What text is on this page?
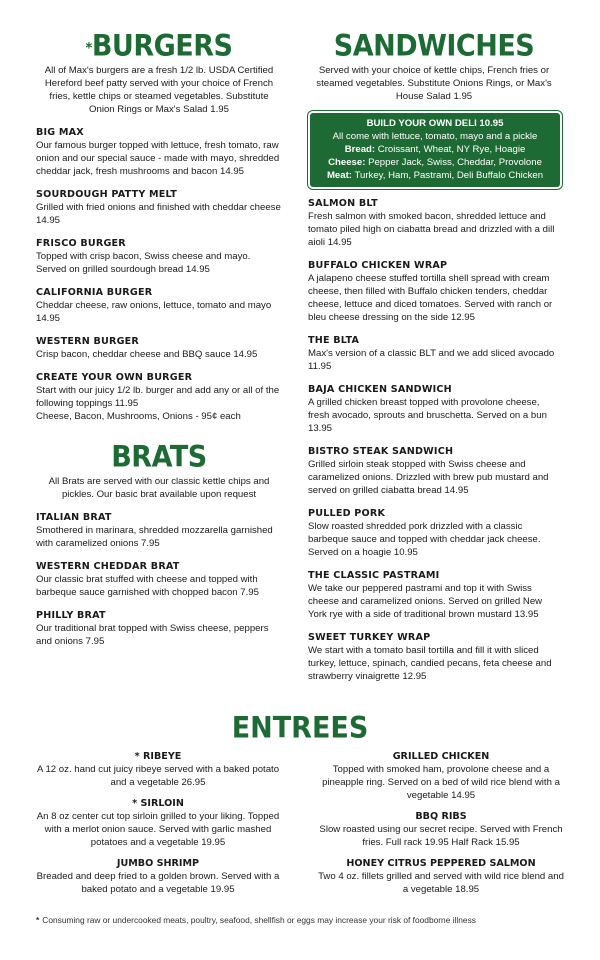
*BURGERS
All of Max's burgers are a fresh 1/2 lb. USDA Certified Hereford beef patty served with your choice of French fries, kettle chips or steamed vegetables. Substitute Onion Rings or Max's Salad 1.95
BIG MAX
Our famous burger topped with lettuce, fresh tomato, raw onion and our special sauce - made with mayo, shredded cheddar jack, fresh mushrooms and bacon 14.95
SOURDOUGH PATTY MELT
Grilled with fried onions and finished with cheddar cheese 14.95
FRISCO BURGER
Topped with crisp bacon, Swiss cheese and mayo. Served on grilled sourdough bread 14.95
CALIFORNIA BURGER
Cheddar cheese, raw onions, lettuce, tomato and mayo 14.95
WESTERN BURGER
Crisp bacon, cheddar cheese and BBQ sauce 14.95
CREATE YOUR OWN BURGER
Start with our juicy 1/2 lb. burger and add any or all of the following toppings 11.95
Cheese, Bacon, Mushrooms, Onions - 95¢ each
BRATS
All Brats are served with our classic kettle chips and pickles. Our basic brat available upon request
ITALIAN BRAT
Smothered in marinara, shredded mozzarella garnished with caramelized onions 7.95
WESTERN CHEDDAR BRAT
Our classic brat stuffed with cheese and topped with barbeque sauce garnished with chopped bacon 7.95
PHILLY BRAT
Our traditional brat topped with Swiss cheese, peppers and onions 7.95
SANDWICHES
Served with your choice of kettle chips, French fries or steamed vegetables. Substitute Onions Rings, or Max's House Salad 1.95
BUILD YOUR OWN DELI 10.95
All come with lettuce, tomato, mayo and a pickle
Bread: Croissant, Wheat, NY Rye, Hoagie
Cheese: Pepper Jack, Swiss, Cheddar, Provolone
Meat: Turkey, Ham, Pastrami, Deli Buffalo Chicken
SALMON BLT
Fresh salmon with smoked bacon, shredded lettuce and tomato piled high on ciabatta bread and drizzled with a dill aioli 14.95
BUFFALO CHICKEN WRAP
A jalapeno cheese stuffed tortilla shell spread with cream cheese, then filled with Buffalo chicken tenders, cheddar cheese, lettuce and diced tomatoes. Served with ranch or bleu cheese dressing on the side 12.95
THE BLTA
Max's version of a classic BLT and we add sliced avocado 11.95
BAJA CHICKEN SANDWICH
A grilled chicken breast topped with provolone cheese, fresh avocado, sprouts and bruschetta. Served on a bun 13.95
BISTRO STEAK SANDWICH
Grilled sirloin steak stopped with Swiss cheese and caramelized onions. Drizzled with brew pub mustard and served on grilled ciabatta bread 14.95
PULLED PORK
Slow roasted shredded pork drizzled with a classic barbeque sauce and topped with cheddar jack cheese. Served on a hoagie 10.95
THE CLASSIC PASTRAMI
We take our peppered pastrami and top it with Swiss cheese and caramelized onions. Served on grilled New York rye with a side of traditional brown mustard 13.95
SWEET TURKEY WRAP
We start with a tomato basil tortilla and fill it with sliced turkey, lettuce, spinach, candied pecans, feta cheese and strawberry vinaigrette 12.95
ENTREES
* RIBEYE
A 12 oz. hand cut juicy ribeye served with a baked potato and a vegetable 26.95
* SIRLOIN
An 8 oz center cut top sirloin grilled to your liking. Topped with a merlot onion sauce. Served with garlic mashed potatoes and a vegetable 19.95
JUMBO SHRIMP
Breaded and deep fried to a golden brown. Served with a baked potato and a vegetable 19.95
GRILLED CHICKEN
Topped with smoked ham, provolone cheese and a pineapple ring. Served on a bed of wild rice blend with a vegetable 14.95
BBQ RIBS
Slow roasted using our secret recipe. Served with French fries. Full rack 19.95 Half Rack 15.95
HONEY CITRUS PEPPERED SALMON
Two 4 oz. fillets grilled and served with wild rice blend and a vegetable 18.95
* Consuming raw or undercooked meats, poultry, seafood, shellfish or eggs may increase your risk of foodborne illness
